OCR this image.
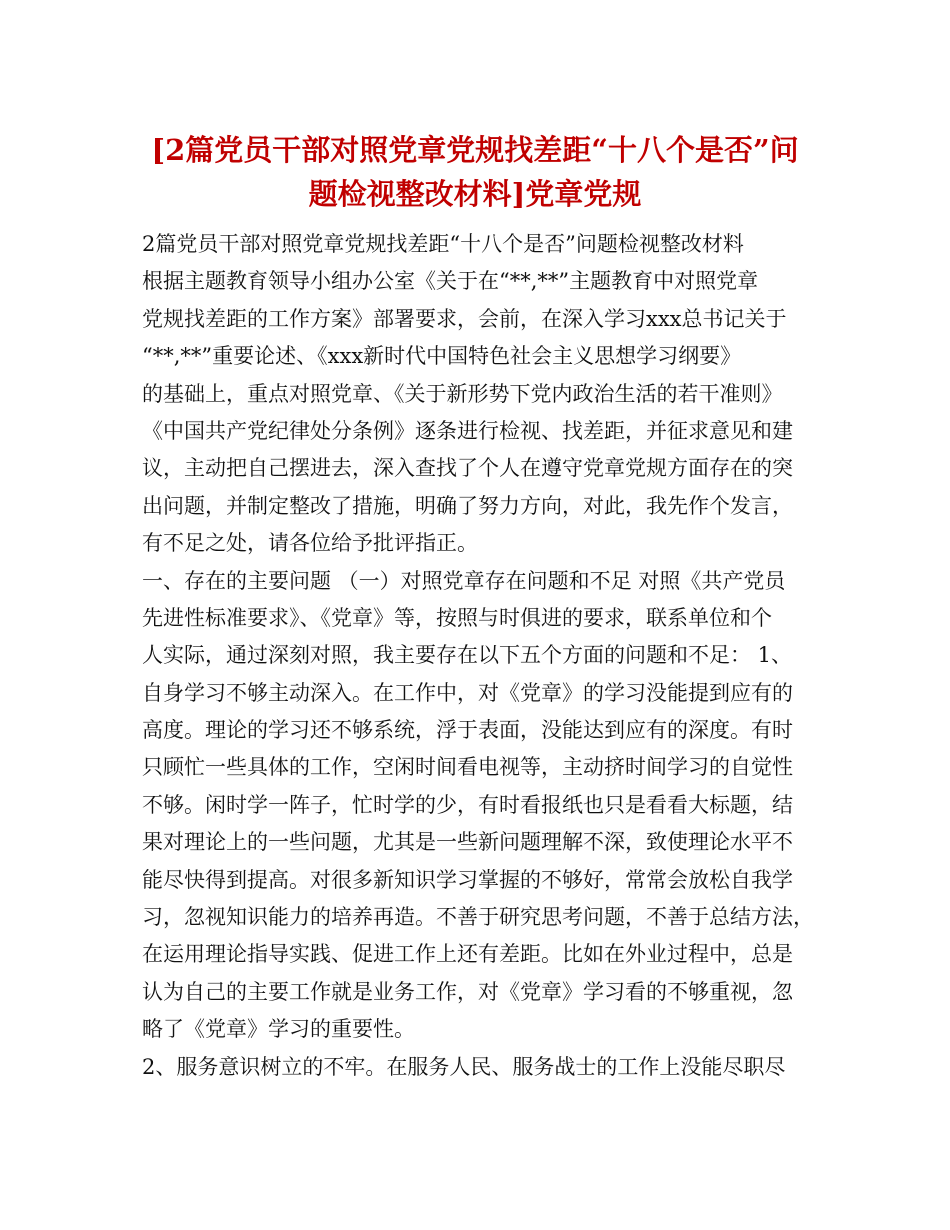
[2篇党员干部对照党章党规找差距“十八个是否”问
题检视整改材料]党章党规
2篇党员干部对照党章党规找差距“十八个是否”问题检视整改材料
根据主题教育领导小组办公室《关于在“**,**”主题教育中对照党章
党规找差距的工作方案》部署要求，会前，在深入学习xxx总书记关于
“**,**”重要论述、《xxx新时代中国特色社会主义思想学习纲要》
的基础上，重点对照党章、《关于新形势下党内政治生活的若干准则》
《中国共产党纪律处分条例》逐条进行检视、找差距，并征求意见和建
议，主动把自己摆进去，深入查找了个人在遵守党章党规方面存在的突
出问题，并制定整改了措施，明确了努力方向，对此，我先作个发言，
有不足之处，请各位给予批评指正。
一、存在的主要问题 （一）对照党章存在问题和不足 对照《共产党员
先进性标准要求》、《党章》等，按照与时俱进的要求，联系单位和个
人实际，通过深刻对照，我主要存在以下五个方面的问题和不足： 1、
自身学习不够主动深入。在工作中，对《党章》的学习没能提到应有的
高度。理论的学习还不够系统，浮于表面，没能达到应有的深度。有时
只顾忙一些具体的工作，空闲时间看电视等，主动挤时间学习的自觉性
不够。闲时学一阵子，忙时学的少，有时看报纸也只是看看大标题，结
果对理论上的一些问题，尤其是一些新问题理解不深，致使理论水平不
能尽快得到提高。对很多新知识学习掌握的不够好，常常会放松自我学
习，忽视知识能力的培养再造。不善于研究思考问题，不善于总结方法，
在运用理论指导实践、促进工作上还有差距。比如在外业过程中，总是
认为自己的主要工作就是业务工作，对《党章》学习看的不够重视，忽
略了《党章》学习的重要性。
2、服务意识树立的不牢。在服务人民、服务战士的工作上没能尽职尽
